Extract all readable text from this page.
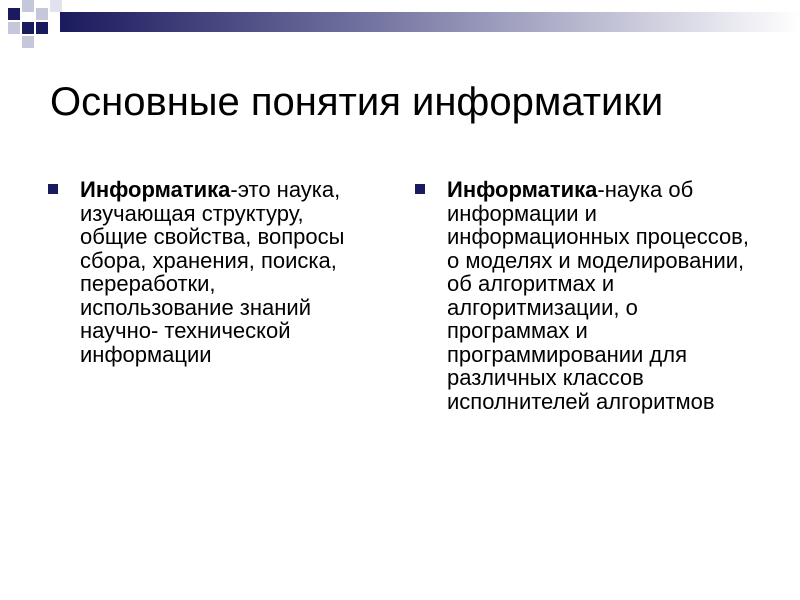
Основные понятия информатики
Информатика-это наука, изучающая структуру, общие свойства, вопросы сбора, хранения, поиска, переработки, использование знаний научно- технической информации
Информатика-наука об информации и информационных процессов, о моделях и моделировании, об алгоритмах и алгоритмизации, о программах и программировании для различных классов исполнителей алгоритмов
